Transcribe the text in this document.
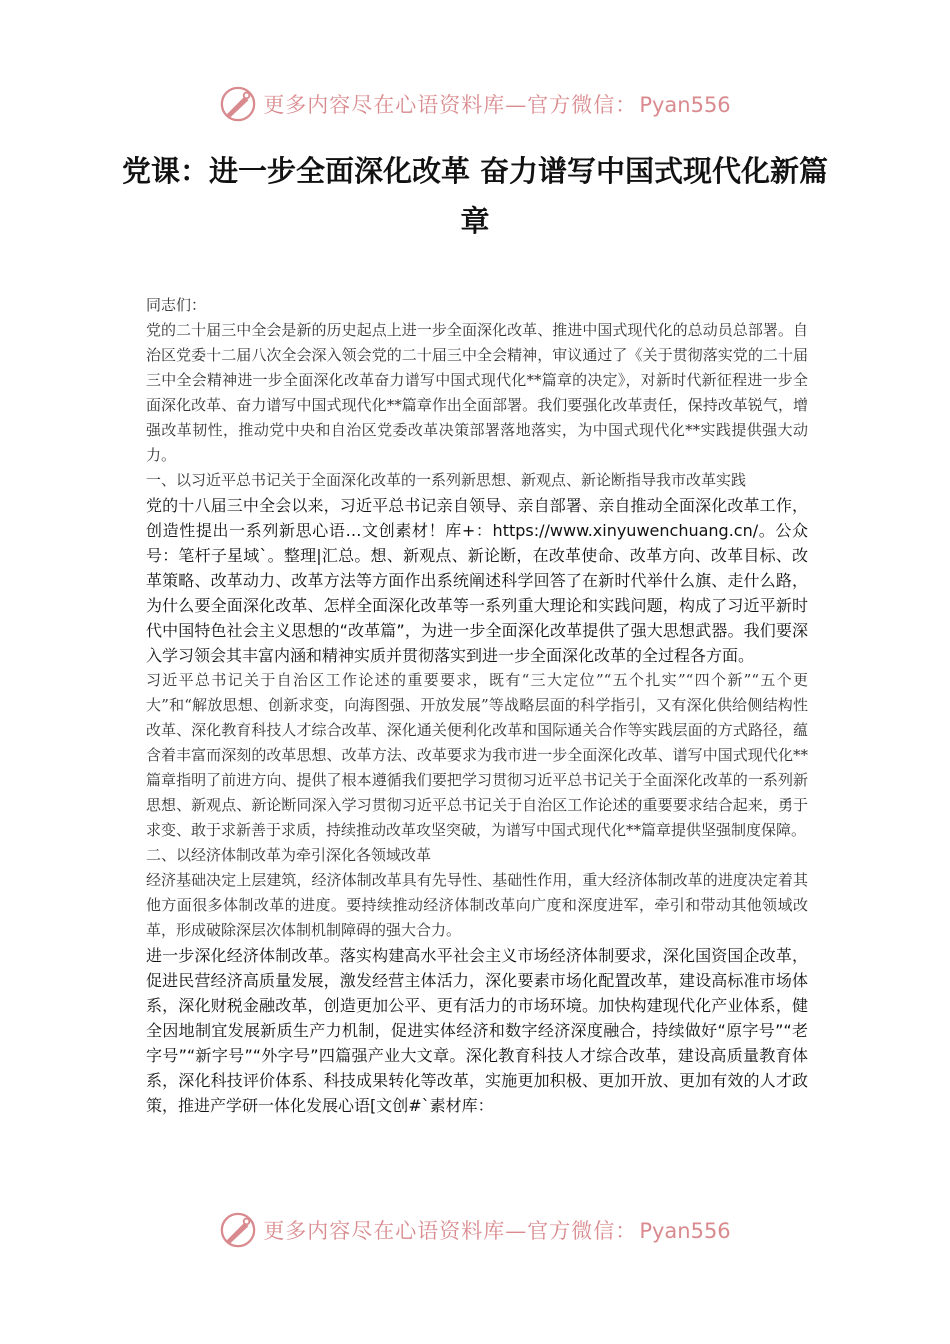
更多内容尽在心语资料库—官方微信：Pyan556
党课：进一步全面深化改革 奋力谱写中国式现代化新篇章

同志们：

党的二十届三中全会是新的历史起点上进一步全面深化改革、推进中国式现代化的总动员总部署。自治区党委十二届八次全会深入领会党的二十届三中全会精神，审议通过了《关于贯彻落实党的二十届三中全会精神进一步全面深化改革奋力谱写中国式现代化**篇章的决定》，对新时代新征程进一步全面深化改革、奋力谱写中国式现代化**篇章作出全面部署。我们要强化改革责任，保持改革锐气，增强改革韧性，推动党中央和自治区党委改革决策部署落地落实，为中国式现代化**实践提供强大动力。

一、以习近平总书记关于全面深化改革的一系列新思想、新观点、新论断指导我市改革实践

党的十八届三中全会以来，习近平总书记亲自领导、亲自部署、亲自推动全面深化改革工作，创造性提出一系列新思心语…文创素材！库+：https://www.xinyuwenchuang.cn/。公众号：笔杆子星域`。整理|汇总。想、新观点、新论断，在改革使命、改革方向、改革目标、改革策略、改革动力、改革方法等方面作出系统阐述科学回答了在新时代举什么旗、走什么路，为什么要全面深化改革、怎样全面深化改革等一系列重大理论和实践问题，构成了习近平新时代中国特色社会主义思想的“改革篇”，为进一步全面深化改革提供了强大思想武器。我们要深入学习领会其丰富内涵和精神实质并贯彻落实到进一步全面深化改革的全过程各方面。

习近平总书记关于自治区工作论述的重要要求，既有“三大定位”“五个扎实”“四个新”“五个更大”和“解放思想、创新求变，向海图强、开放发展”等战略层面的科学指引，又有深化供给侧结构性改革、深化教育科技人才综合改革、深化通关便利化改革和国际通关合作等实践层面的方式路径，蕴含着丰富而深刻的改革思想、改革方法、改革要求为我市进一步全面深化改革、谱写中国式现代化**篇章指明了前进方向、提供了根本遵循我们要把学习贯彻习近平总书记关于全面深化改革的一系列新思想、新观点、新论断同深入学习贯彻习近平总书记关于自治区工作论述的重要要求结合起来，勇于求变、敢于求新善于求质，持续推动改革攻坚突破，为谱写中国式现代化**篇章提供坚强制度保障。

二、以经济体制改革为牵引深化各领域改革

经济基础决定上层建筑，经济体制改革具有先导性、基础性作用，重大经济体制改革的进度决定着其他方面很多体制改革的进度。要持续推动经济体制改革向广度和深度进军，牵引和带动其他领域改革，形成破除深层次体制机制障碍的强大合力。

进一步深化经济体制改革。落实构建高水平社会主义市场经济体制要求，深化国资国企改革，促进民营经济高质量发展，激发经营主体活力，深化要素市场化配置改革，建设高标准市场体系，深化财税金融改革，创造更加公平、更有活力的市场环境。加快构建现代化产业体系，健全因地制宜发展新质生产力机制，促进实体经济和数字经济深度融合，持续做好“原字号”“老字号”“新字号”“外字号”四篇强产业大文章。深化教育科技人才综合改革，建设高质量教育体系，深化科技评价体系、科技成果转化等改革，实施更加积极、更加开放、更加有效的人才政策，推进产学研一体化发展心语[文创#`素材库：

更多内容尽在心语资料库—官方微信：Pyan556
